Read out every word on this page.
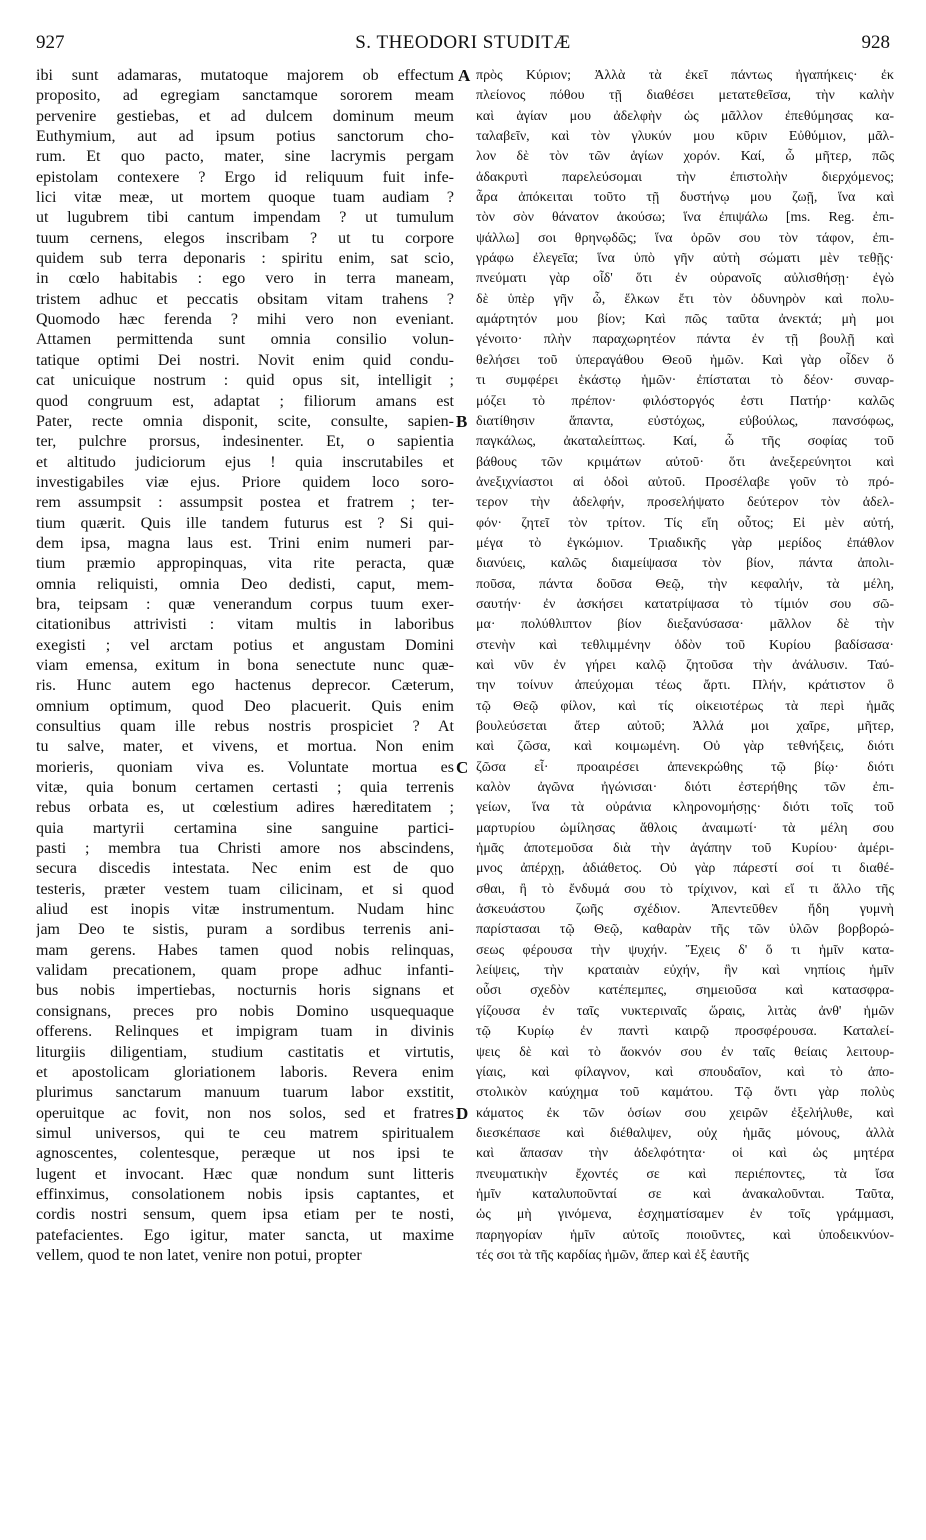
927	S. THEODORI STUDITÆ	928
ibi sunt adamaras, mutatoque majorem ob effectum
proposito, ad egregiam sanctamque sororem meam
pervenire gestiebas, et ad dulcem dominum meum
Euthymium, aut ad ipsum potius sanctorum cho-
rum. Et quo pacto, mater, sine lacrymis pergam
epistolam contexere ? Ergo id reliquum fuit infe-
lici vitæ meæ, ut mortem quoque tuam audiam ?
ut lugubrem tibi cantum impendam ? ut tumulum
tuum cernens, elegos inscribam ? ut tu corpore
quidem sub terra deponaris : spiritu enim, sat scio,
in cœlo habitabis : ego vero in terra maneam,
tristem adhuc et peccatis obsitam vitam trahens ?
Quomodo hæc ferenda ? mihi vero non eveniant.
Attamen permittenda sunt omnia consilio volun-
tatique optimi Dei nostri. Novit enim quid condu-
cat unicuique nostrum : quid opus sit, intelligit ;
quod congruum est, adaptat ; filiorum amans est
Pater, recte omnia disponit, scite, consulte, sapien-
ter, pulchre prorsus, indesinenter. Et, o sapientia
et altitudo judiciorum ejus ! quia inscrutabiles et
investigabiles viæ ejus. Priore quidem loco soro-
rem assumpsit : assumpsit postea et fratrem ; ter-
tium quærit. Quis ille tandem futurus est ? Si qui-
dem ipsa, magna laus est. Trini enim numeri par-
tium præmio appropinquas, vita rite peracta, quæ
omnia reliquisti, omnia Deo dedisti, caput, mem-
bra, teipsam : quæ venerandum corpus tuum exer-
citationibus attrivisti : vitam multis in laboribus
exegisti ; vel arctam potius et angustam Domini
viam emensa, exitum in bona senectute nunc quæ-
ris. Hunc autem ego hactenus deprecor. Cæterum,
omnium optimum, quod Deo placuerit. Quis enim
consultius quam ille rebus nostris prospiciet ? At
tu salve, mater, et vivens, et mortua. Non enim
morieris, quoniam viva es. Voluntate mortua es
vitæ, quia bonum certamen certasti ; quia terrenis
rebus orbata es, ut cœlestium adires hæreditatem ;
quia martyrii certamina sine sanguine partici-
pasti ; membra tua Christi amore nos abscindens,
secura discedis intestata. Nec enim est de quo
testeris, præter vestem tuam cilicinam, et si quod
aliud est inopis vitæ instrumentum. Nudam hinc
jam Deo te sistis, puram a sordibus terrenis ani-
mam gerens. Habes tamen quod nobis relinquas,
validam precationem, quam prope adhuc infanti-
bus nobis impertiebas, nocturnis horis signans et
consignans, preces pro nobis Domino usquequaque
offerens. Relinques et impigram tuam in divinis
liturgiis diligentiam, studium castitatis et virtutis,
et apostolicam gloriationem laboris. Revera enim
plurimus sanctarum manuum tuarum labor exstitit,
operuitque ac fovit, non nos solos, sed et fratres
simul universos, qui te ceu matrem spiritualem
agnoscentes, colentesque, peræque ut nos ipsi te
lugent et invocant. Hæc quæ nondum sunt litteris
effinximus, consolationem nobis ipsis captantes, et
cordis nostri sensum, quem ipsa etiam per te nosti,
patefacientes. Ego igitur, mater sancta, ut maxime
vellem, quod te non latet, venire non potui, propter
A
B
C
D
πρὸς Κύριον; Ἀλλὰ τὰ ἐκεῖ πάντως ἠγαπήκεις· ἐκ
πλείονος πόθου τῇ διαθέσει μετατεθεῖσα, τὴν καλὴν
καὶ ἁγίαν μου ἀδελφὴν ὡς μᾶλλον ἐπεθύμησας κα-
ταλαβεῖν, καὶ τὸν γλυκύν μου κῦριν Εὐθύμιον, μᾶλ-
λον δὲ τὸν τῶν ἁγίων χορόν. Καί, ὦ μῆτερ, πῶς
ἀδακρυτὶ παρελεύσομαι τὴν ἐπιστολὴν διερχόμενος;
ἆρα ἀπόκειται τοῦτο τῇ δυστήνῳ μου ζωῇ, ἵνα καὶ
τὸν σὸν θάνατον ἀκούσω; ἵνα ἐπιψάλω [ms. Reg. ἐπι-
ψάλλω] σοι θρηνῳδῶς; ἵνα ὁρῶν σου τὸν τάφον, ἐπι-
γράφω ἐλεγεῖα; ἵνα ὑπὸ γῆν αὐτὴ σώματι μὲν τεθῇς·
πνεύματι γὰρ οἶδ' ὅτι ἐν οὐρανοῖς αὐλισθήσῃ· ἐγὼ
δὲ ὑπὲρ γῆν ὦ, ἕλκων ἔτι τὸν ὀδυνηρὸν καὶ πολυ-
αμάρτητόν μου βίον; Καὶ πῶς ταῦτα ἀνεκτά; μὴ μοι
γένοιτο· πλὴν παραχωρητέον πάντα ἐν τῇ βουλῇ καὶ
θελήσει τοῦ ὑπεραγάθου Θεοῦ ἡμῶν. Καὶ γὰρ οἶδεν ὅ
τι συμφέρει ἑκάστῳ ἡμῶν· ἐπίσταται τὸ δέον· συναρ-
μόζει τὸ πρέπον· φιλόστοργός ἐστι Πατήρ· καλῶς
διατίθησιν ἅπαντα, εὐστόχως, εὐβούλως, πανσόφως,
παγκάλως, ἀκαταλείπτως. Καί, ὦ τῆς σοφίας τοῦ
βάθους τῶν κριμάτων αὐτοῦ· ὅτι ἀνεξερεύνητοι καὶ
ἀνεξιχνίαστοι αἱ ὁδοὶ αὐτοῦ. Προσέλαβε γοῦν τὸ πρό-
τερον τὴν ἀδελφήν, προσελήψατο δεύτερον τὸν ἀδελ-
φόν· ζητεῖ τὸν τρίτον. Τίς εἴη οὗτος; Εἰ μὲν αὐτή,
μέγα τὸ ἐγκώμιον. Τριαδικῆς γὰρ μερίδος ἐπάθλον
διανύεις, καλῶς διαμείψασα τὸν βίον, πάντα ἀπολι-
ποῦσα, πάντα δοῦσα Θεῷ, τὴν κεφαλήν, τὰ μέλη,
σαυτήν· ἐν ἀσκήσει κατατρίψασα τὸ τίμιόν σου σῶ-
μα· πολύθλιπτον βίον διεξανύσασα· μᾶλλον δὲ τὴν
στενὴν καὶ τεθλιμμένην ὁδὸν τοῦ Κυρίου βαδίσασα·
καὶ νῦν ἐν γήρει καλῷ ζητοῦσα τὴν ἀνάλυσιν. Ταύ-
την τοίνυν ἀπεύχομαι τέως ἄρτι. Πλήν, κράτιστον ὃ
τῷ Θεῷ φίλον, καὶ τίς οἰκειοτέρως τὰ περὶ ἡμᾶς
βουλεύσεται ἄτερ αὐτοῦ; Ἀλλά μοι χαῖρε, μῆτερ,
καὶ ζῶσα, καὶ κοιμωμένη. Οὐ γὰρ τεθνήξεις, διότι
ζῶσα εἶ· προαιρέσει ἀπενεκρώθης τῷ βίῳ· διότι
καλὸν ἀγῶνα ἠγώνισαι· διότι ἐστερήθης τῶν ἐπι-
γείων, ἵνα τὰ οὐράνια κληρονομήσῃς· διότι τοῖς τοῦ
μαρτυρίου ὡμίλησας ἄθλοις ἀναιμωτί· τὰ μέλη σου
ἡμᾶς ἀποτεμοῦσα διὰ τὴν ἀγάπην τοῦ Κυρίου· ἀμέρι-
μνος ἀπέρχῃ, ἀδιάθετος. Οὐ γὰρ πάρεστί σοί τι διαθέ-
σθαι, ἢ τὸ ἔνδυμά σου τὸ τρίχινον, καὶ εἴ τι ἄλλο τῆς
ἀσκευάστου ζωῆς σχέδιον. Ἀπεντεῦθεν ἤδη γυμνὴ
παρίστασαι τῷ Θεῷ, καθαρὰν τῆς τῶν ὑλῶν βορβορώ-
σεως φέρουσα τὴν ψυχήν. Ἔχεις δ' ὅ τι ἡμῖν κατα-
λείψεις, τὴν κραταιὰν εὐχήν, ἣν καὶ νηπίοις ἡμῖν
οὖσι σχεδὸν κατέπεμπες, σημειοῦσα καὶ κατασφρα-
γίζουσα ἐν ταῖς νυκτεριναῖς ὥραις, λιτὰς ἀνθ' ἡμῶν
τῷ Κυρίῳ ἐν παντὶ καιρῷ προσφέρουσα. Καταλεί-
ψεις δὲ καὶ τὸ ἄοκνόν σου ἐν ταῖς θείαις λειτουρ-
γίαις, καὶ φίλαγνον, καὶ σπουδαῖον, καὶ τὸ ἀπο-
στολικὸν καύχημα τοῦ καμάτου. Τῷ ὄντι γὰρ πολὺς
κάματος ἐκ τῶν ὁσίων σου χειρῶν ἐξελήλυθε, καὶ
διεσκέπασε καὶ διέθαλψεν, οὐχ ἡμᾶς μόνους, ἀλλὰ
καὶ ἅπασαν τὴν ἀδελφότητα· οἱ καὶ ὡς μητέρα
πνευματικὴν ἔχοντές σε καὶ περιέποντες, τὰ ἴσα
ἡμῖν καταλυποῦνταί σε καὶ ἀνακαλοῦνται. Ταῦτα,
ὡς μὴ γινόμενα, ἐσχηματίσαμεν ἐν τοῖς γράμμασι,
παρηγορίαν ἡμῖν αὐτοῖς ποιοῦντες, καὶ ὑποδεικνύον-
τές σοι τὰ τῆς καρδίας ἡμῶν, ἅπερ καὶ ἐξ ἑαυτῆς
